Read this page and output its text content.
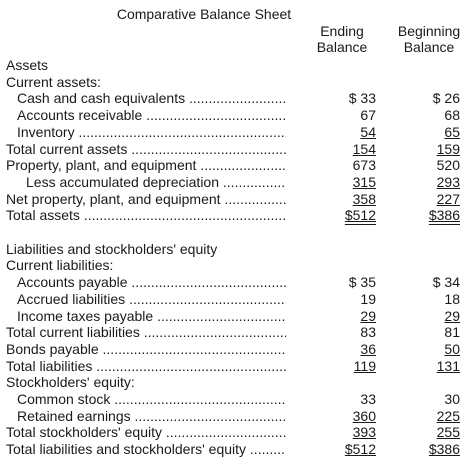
Comparative Balance Sheet
Ending
Balance
Beginning
Balance
Assets
Current assets:
Cash and cash equivalents .....	$ 33	$ 26
Accounts receivable .....	67	68
Inventory .....	54	65
Total current assets .....	154	159
Property, plant, and equipment .....	673	520
Less accumulated depreciation .....	315	293
Net property, plant, and equipment .....	358	227
Total assets .....	$512	$386
Liabilities and stockholders' equity
Current liabilities:
Accounts payable .....	$ 35	$ 34
Accrued liabilities .....	19	18
Income taxes payable .....	29	29
Total current liabilities .....	83	81
Bonds payable .....	36	50
Total liabilities .....	119	131
Stockholders' equity:
Common stock .....	33	30
Retained earnings .....	360	225
Total stockholders' equity .....	393	255
Total liabilities and stockholders' equity .....	$512	$386
